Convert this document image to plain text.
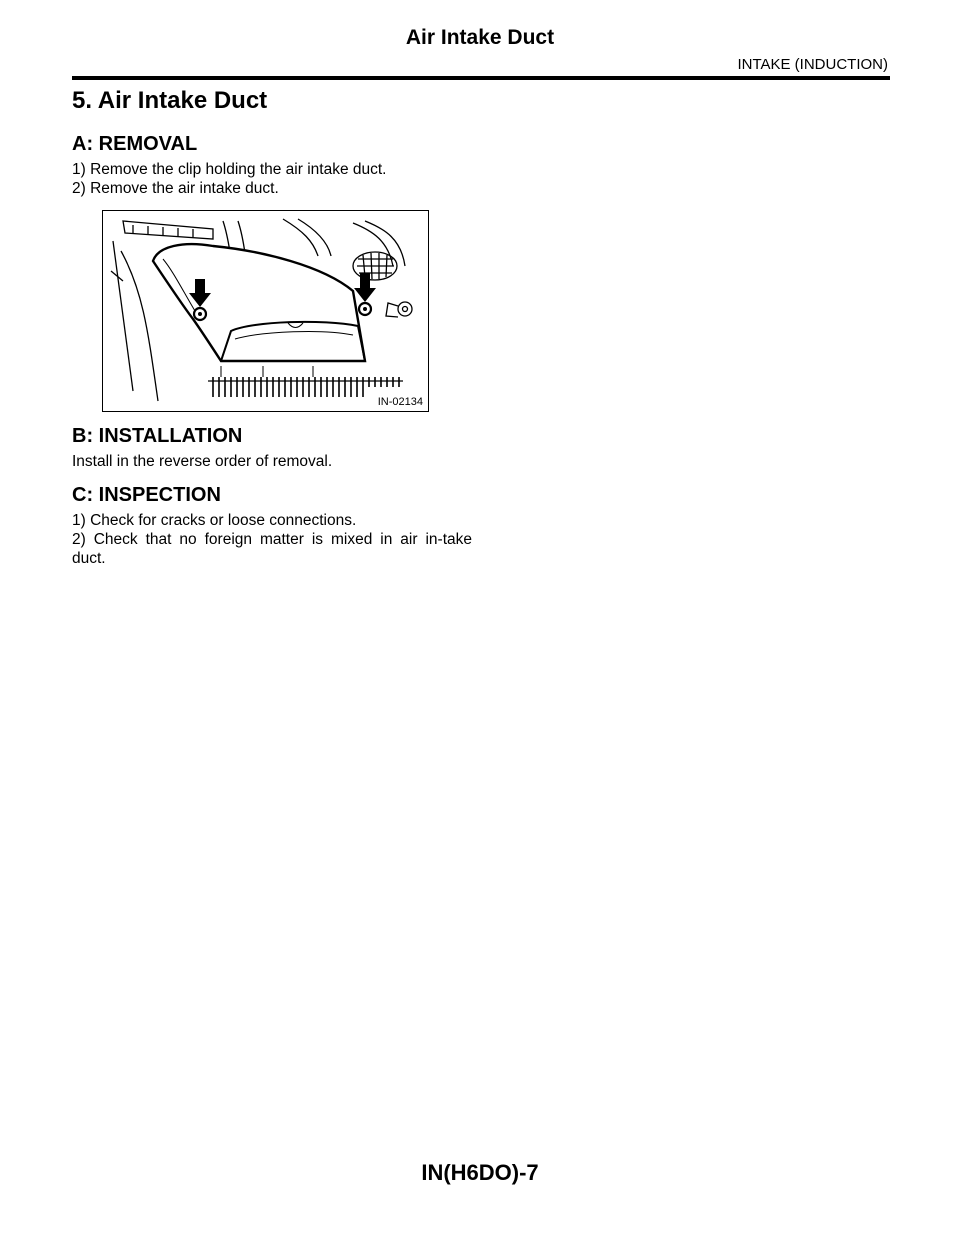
Air Intake Duct

INTAKE (INDUCTION)

5. Air Intake Duct
A: REMOVAL

1) Remove the clip holding the air intake duct.

2) Remove the air intake duct.

IN-02134
B: INSTALLATION

Install in the reverse order of removal.

C: INSPECTION

1) Check for cracks or loose connections.

2) Check that no foreign matter is mixed in air in-take duct.

IN(H6DO)-7
